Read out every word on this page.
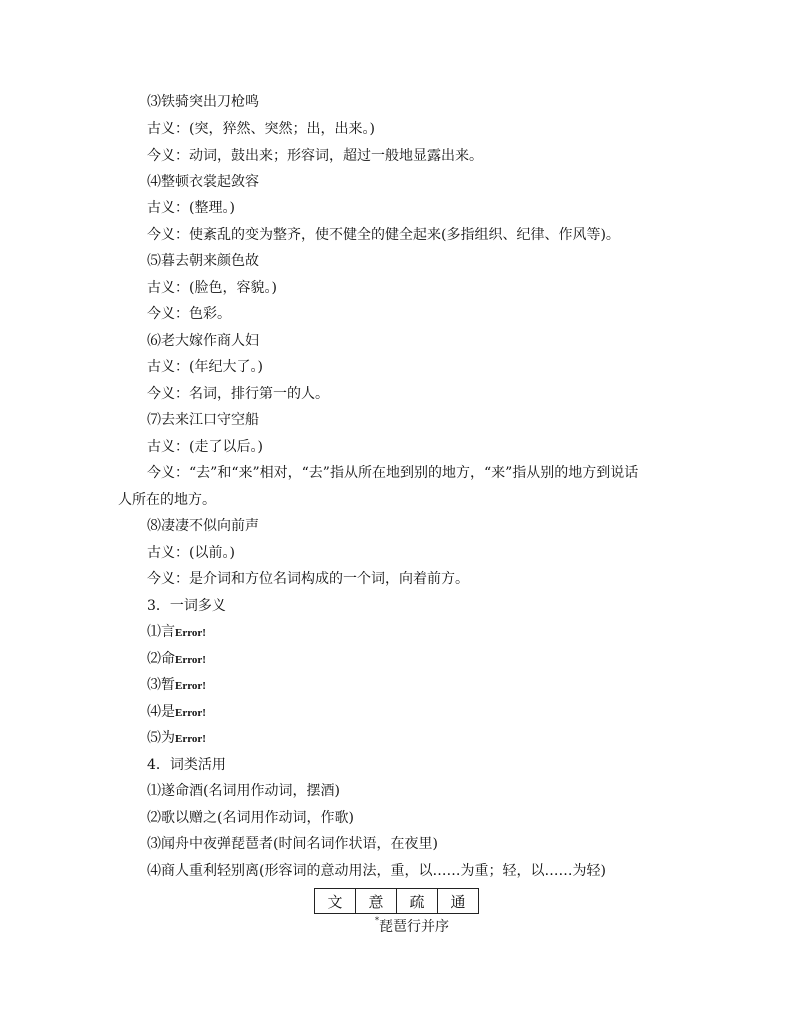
⑶铁骑突出刀枪鸣
古义：(突，猝然、突然；出，出来。)
今义：动词，鼓出来；形容词，超过一般地显露出来。
⑷整顿衣裳起敛容
古义：(整理。)
今义：使紊乱的变为整齐，使不健全的健全起来(多指组织、纪律、作风等)。
⑸暮去朝来颜色故
古义：(脸色，容貌。)
今义：色彩。
⑹老大嫁作商人妇
古义：(年纪大了。)
今义：名词，排行第一的人。
⑺去来江口守空船
古义：(走了以后。)
今义：“去”和“来”相对，“去”指从所在地到别的地方，“来”指从别的地方到说话
人所在的地方。
⑻凄凄不似向前声
古义：(以前。)
今义：是介词和方位名词构成的一个词，向着前方。
3．一词多义
⑴言Error!
⑵命Error!
⑶暂Error!
⑷是Error!
⑸为Error!
4．词类活用
⑴遂命酒(名词用作动词，摆酒)
⑵歌以赠之(名词用作动词，作歌)
⑶闻舟中夜弹琵琶者(时间名词作状语，在夜里)
⑷商人重利轻别离(形容词的意动用法，重，以……为重；轻，以……为轻)
文	意	疏	通
*琵琶行并序
